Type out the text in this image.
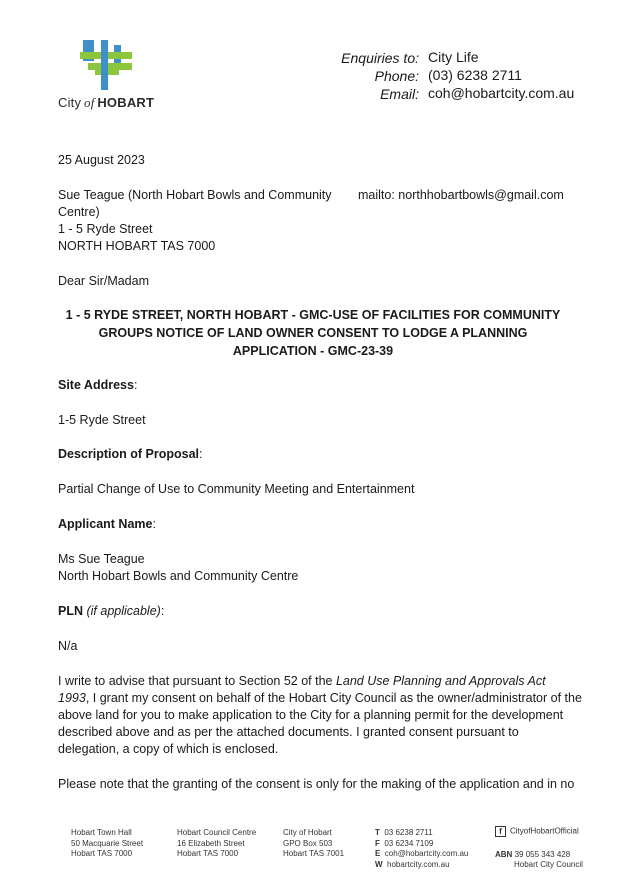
City  of  HOBART
Enquiries to: City Life
Phone: (03) 6238 2711
Email: coh@hobartcity.com.au
25 August 2023
Sue Teague (North Hobart Bowls and Community
Centre)
1 - 5 Ryde Street
NORTH HOBART TAS 7000
mailto: northhobartbowls@gmail.com
Dear Sir/Madam
1 - 5 RYDE STREET, NORTH HOBART - GMC-USE OF FACILITIES FOR COMMUNITY
GROUPS NOTICE OF LAND OWNER CONSENT TO LODGE A PLANNING
APPLICATION - GMC-23-39
Site Address:
1-5 Ryde Street
Description of Proposal:
Partial Change of Use to Community Meeting and Entertainment
Applicant Name:
Ms Sue Teague
North Hobart Bowls and Community Centre
PLN (if applicable):
N/a
I write to advise that pursuant to Section 52 of the Land Use Planning and Approvals Act
1993, I grant my consent on behalf of the Hobart City Council as the owner/administrator of the
above land for you to make application to the City for a planning permit for the development
described above and as per the attached documents. I granted consent pursuant to
delegation, a copy of which is enclosed.
Please note that the granting of the consent is only for the making of the application and in no
Hobart Town Hall
50 Macquarie Street
Hobart TAS 7000
Hobart Council Centre
16 Elizabeth Street
Hobart TAS 7000
City of Hobart
GPO Box 503
Hobart TAS 7001
T 03 6238 2711
F 03 6234 7109
E coh@hobartcity.com.au
W hobartcity.com.au
f CityofHobartOfficial
ABN 39 055 343 428
Hobart City Council
